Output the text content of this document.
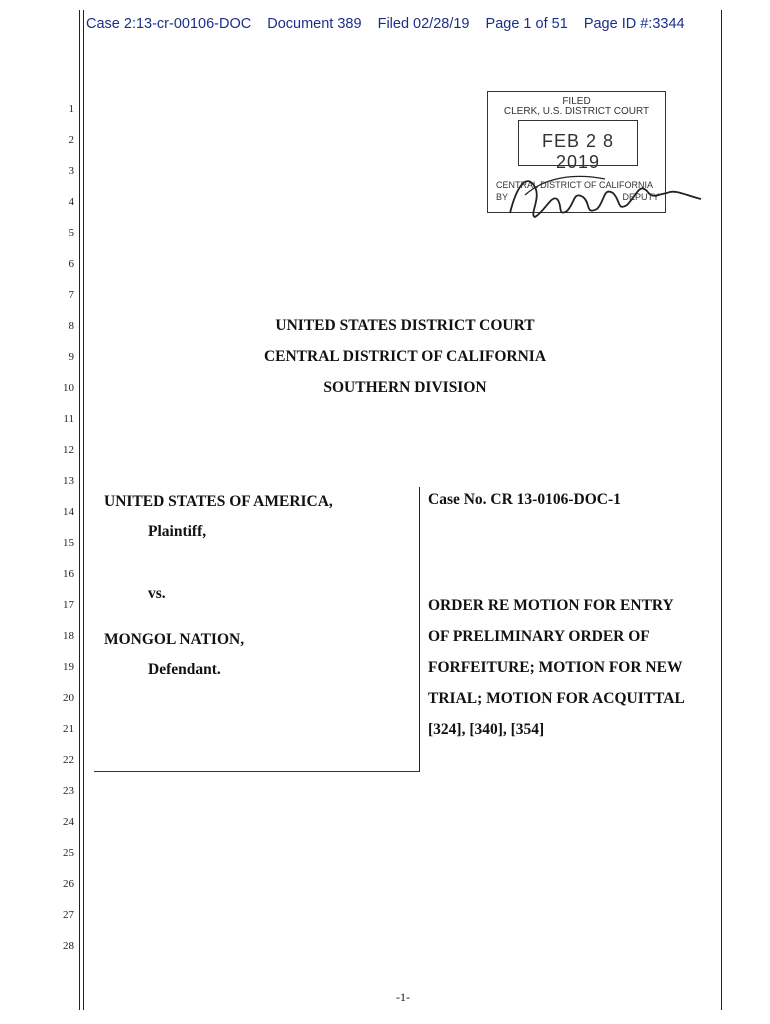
Case 2:13-cr-00106-DOC Document 389 Filed 02/28/19 Page 1 of 51 Page ID #:3344
1
2
3
4
5
6
7
8
9
10
11
12
13
14
15
16
17
18
19
20
21
22
23
24
25
26
27
28
FILED
CLERK, U.S. DISTRICT COURT
FEB 2 8 2019
CENTRAL DISTRICT OF CALIFORNIA
BY	DEPUTY
UNITED STATES DISTRICT COURT
CENTRAL DISTRICT OF CALIFORNIA
SOUTHERN DIVISION
UNITED STATES OF AMERICA,
Plaintiff,
vs.
MONGOL NATION,
Defendant.
Case No. CR 13-0106-DOC-1
ORDER RE MOTION FOR ENTRY
OF PRELIMINARY ORDER OF
FORFEITURE; MOTION FOR NEW
TRIAL; MOTION FOR ACQUITTAL
[324], [340], [354]
-1-
